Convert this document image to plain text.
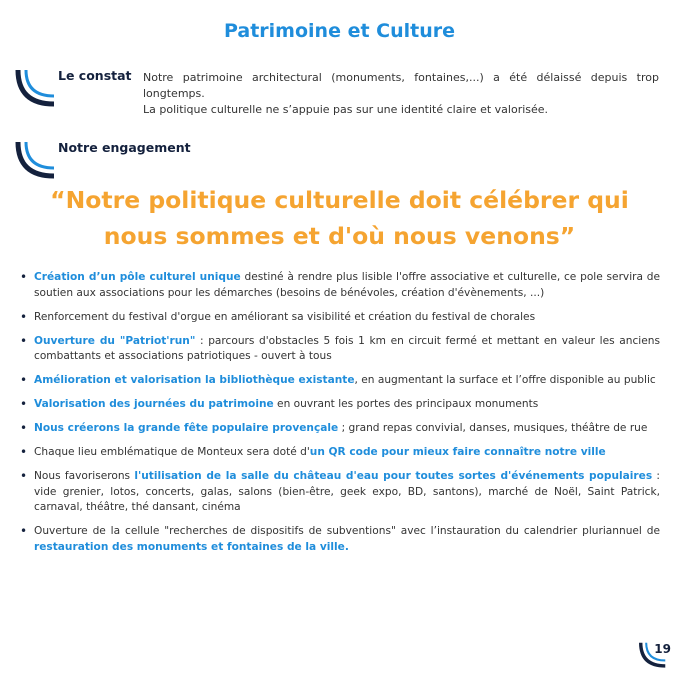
Patrimoine et Culture
Le constat Notre patrimoine architectural (monuments, fontaines,...) a été délaissé depuis trop longtemps.

La politique culturelle ne s’appuie pas sur une identité claire et valorisée.

Notre engagement
“Notre politique culturelle doit célébrer qui
nous sommes et d'où nous venons”
• Création d’un pôle culturel unique destiné à rendre plus lisible l'offre associative et culturelle, ce pole servira de soutien aux associations pour les démarches (besoins de bénévoles, création d'évènements, ...)
• Renforcement du festival d'orgue en améliorant sa visibilité et création du festival de chorales
• Ouverture du "Patriot'run" : parcours d'obstacles 5 fois 1 km en circuit fermé et mettant en valeur les anciens combattants et associations patriotiques - ouvert à tous
• Amélioration et valorisation la bibliothèque existante, en augmentant la surface et l’offre disponible au public
• Valorisation des journées du patrimoine en ouvrant les portes des principaux monuments
• Nous créerons la grande fête populaire provençale ; grand repas convivial, danses, musiques, théâtre de rue
• Chaque lieu emblématique de Monteux sera doté d'un QR code pour mieux faire connaître notre ville
• Nous favoriserons l'utilisation de la salle du château d'eau pour toutes sortes d'événements populaires : vide grenier, lotos, concerts, galas, salons (bien-être, geek expo, BD, santons), marché de Noël, Saint Patrick, carnaval, théâtre, thé dansant, cinéma
• Ouverture de la cellule "recherches de dispositifs de subventions" avec l’instauration du calendrier pluriannuel de restauration des monuments et fontaines de la ville.
19
